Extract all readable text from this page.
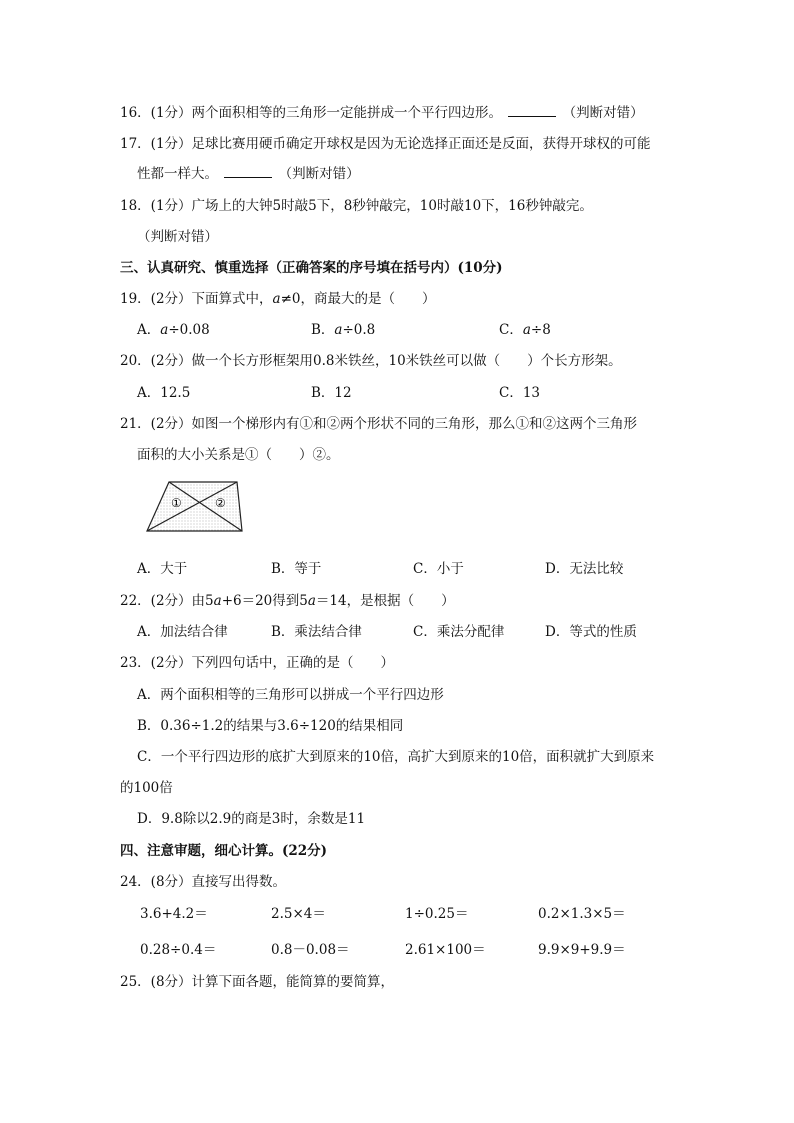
16．(1分）两个面积相等的三角形一定能拼成一个平行四边形。	（判断对错）
17．(1分）足球比赛用硬币确定开球权是因为无论选择正面还是反面，获得开球权的可能
性都一样大。	（判断对错）
18．(1分）广场上的大钟5时敲5下，8秒钟敲完，10时敲10下，16秒钟敲完。
（判断对错）
三、认真研究、慎重选择（正确答案的序号填在括号内）(10分)
19．(2分）下面算式中，a≠0，商最大的是（　　）
A．a÷0.08	B．a÷0.8	C．a÷8
20．(2分）做一个长方形框架用0.8米铁丝，10米铁丝可以做（　　）个长方形架。
A．12.5	B．12	C．13
21．(2分）如图一个梯形内有①和②两个形状不同的三角形，那么①和②这两个三角形
面积的大小关系是①（　　）②。
①	②
A．大于	B．等于	C．小于	D．无法比较
22．(2分）由5a+6＝20得到5a＝14，是根据（　　）
A．加法结合律	B．乘法结合律	C．乘法分配律	D．等式的性质
23．(2分）下列四句话中，正确的是（　　）
A．两个面积相等的三角形可以拼成一个平行四边形
B．0.36÷1.2的结果与3.6÷120的结果相同
C．一个平行四边形的底扩大到原来的10倍，高扩大到原来的10倍，面积就扩大到原来
的100倍
D．9.8除以2.9的商是3时，余数是11
四、注意审题，细心计算。(22分)
24．(8分）直接写出得数。
3.6+4.2＝	2.5×4＝	1÷0.25＝	0.2×1.3×5＝
0.28÷0.4＝	0.8－0.08＝	2.61×100＝	9.9×9+9.9＝
25．(8分）计算下面各题，能简算的要简算，
